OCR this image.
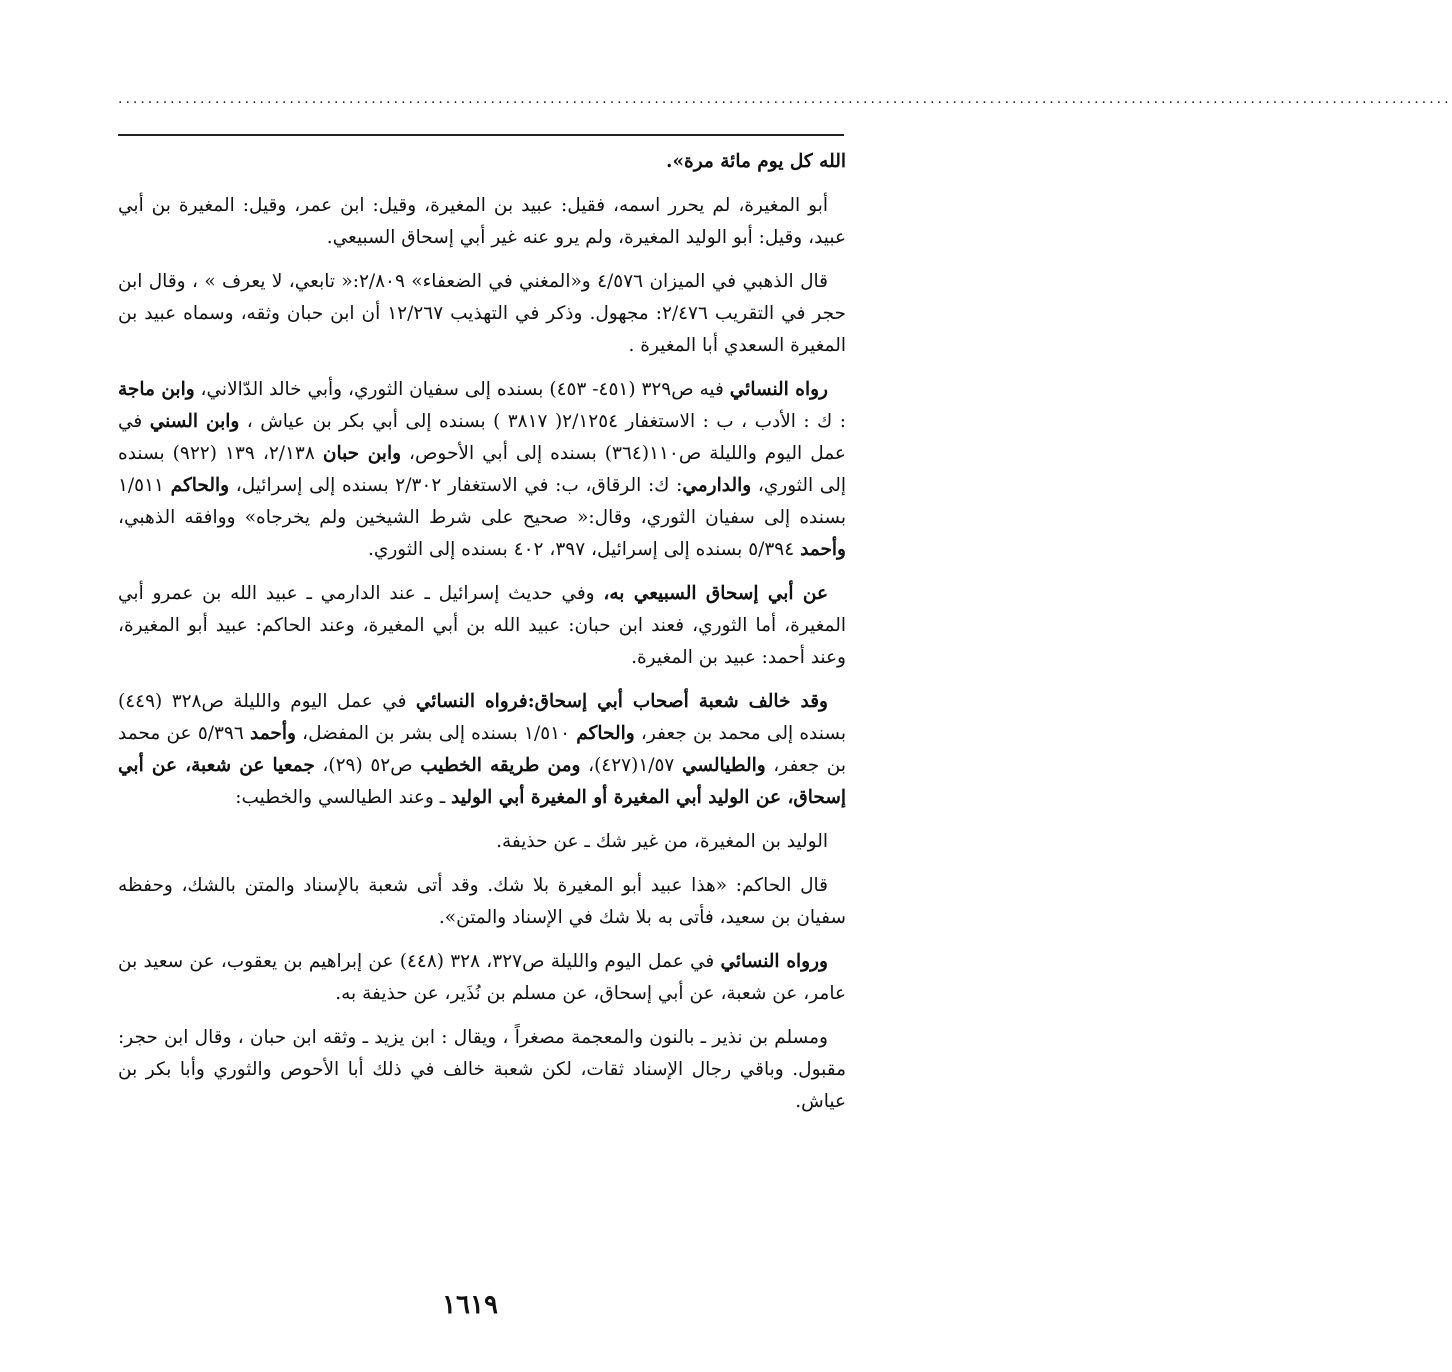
...................................................................................................................................................................................

الله كل يوم مائة مرة».

أبو المغيرة، لم يحرر اسمه، فقيل: عبيد بن المغيرة، وقيل: ابن عمر، وقيل: المغيرة بن أبي عبيد، وقيل: أبو الوليد المغيرة، ولم يرو عنه غير أبي إسحاق السبيعي.

قال الذهبي في الميزان ٤/٥٧٦ و«المغني في الضعفاء» ٢/٨٠٩:« تابعي، لا يعرف » ، وقال ابن حجر في التقريب ٢/٤٧٦: مجهول. وذكر في التهذيب ١٢/٢٦٧ أن ابن حبان وثقه، وسماه عبيد بن المغيرة السعدي أبا المغيرة .

رواه النسائي فيه ص٣٢٩ (٤٥١- ٤٥٣) بسنده إلى سفيان الثوري، وأبي خالد الدّالاني، وابن ماجة : ك : الأدب ، ب : الاستغفار ٢/١٢٥٤( ٣٨١٧ ) بسنده إلى أبي بكر بن عياش ، وابن السني في عمل اليوم والليلة ص١١٠(٣٦٤) بسنده إلى أبي الأحوص، وابن حبان ٢/١٣٨، ١٣٩ (٩٢٢) بسنده إلى الثوري، والدارمي: ك: الرقاق، ب: في الاستغفار ٢/٣٠٢ بسنده إلى إسرائيل، والحاكم ١/٥١١ بسنده إلى سفيان الثوري، وقال:« صحيح على شرط الشيخين ولم يخرجاه» ووافقه الذهبي، وأحمد ٥/٣٩٤ بسنده إلى إسرائيل، ٣٩٧، ٤٠٢ بسنده إلى الثوري.

عن أبي إسحاق السبيعي به، وفي حديث إسرائيل ـ عند الدارمي ـ عبيد الله بن عمرو أبي المغيرة، أما الثوري، فعند ابن حبان: عبيد الله بن أبي المغيرة، وعند الحاكم: عبيد أبو المغيرة، وعند أحمد: عبيد بن المغيرة.

وقد خالف شعبة أصحاب أبي إسحاق:فرواه النسائي في عمل اليوم والليلة ص٣٢٨ (٤٤٩) بسنده إلى محمد بن جعفر، والحاكم ١/٥١٠ بسنده إلى بشر بن المفضل، وأحمد ٥/٣٩٦ عن محمد بن جعفر، والطيالسي ١/٥٧(٤٢٧)، ومن طريقه الخطيب ص٥٢ (٢٩)، جمعيا عن شعبة، عن أبي إسحاق، عن الوليد أبي المغيرة أو المغيرة أبي الوليد ـ وعند الطيالسي والخطيب:

الوليد بن المغيرة، من غير شك ـ عن حذيفة.

قال الحاكم: «هذا عبيد أبو المغيرة بلا شك. وقد أتى شعبة بالإسناد والمتن بالشك، وحفظه سفيان بن سعيد، فأتى به بلا شك في الإسناد والمتن».

ورواه النسائي في عمل اليوم والليلة ص٣٢٧، ٣٢٨ (٤٤٨) عن إبراهيم بن يعقوب، عن سعيد بن عامر، عن شعبة، عن أبي إسحاق، عن مسلم بن نُذَير، عن حذيفة به.

ومسلم بن نذير ـ بالنون والمعجمة مصغراً ، ويقال : ابن يزيد ـ وثقه ابن حبان ، وقال ابن حجر: مقبول. وباقي رجال الإسناد ثقات، لكن شعبة خالف في ذلك أبا الأحوص والثوري وأبا بكر بن عياش.

١٦١٩
